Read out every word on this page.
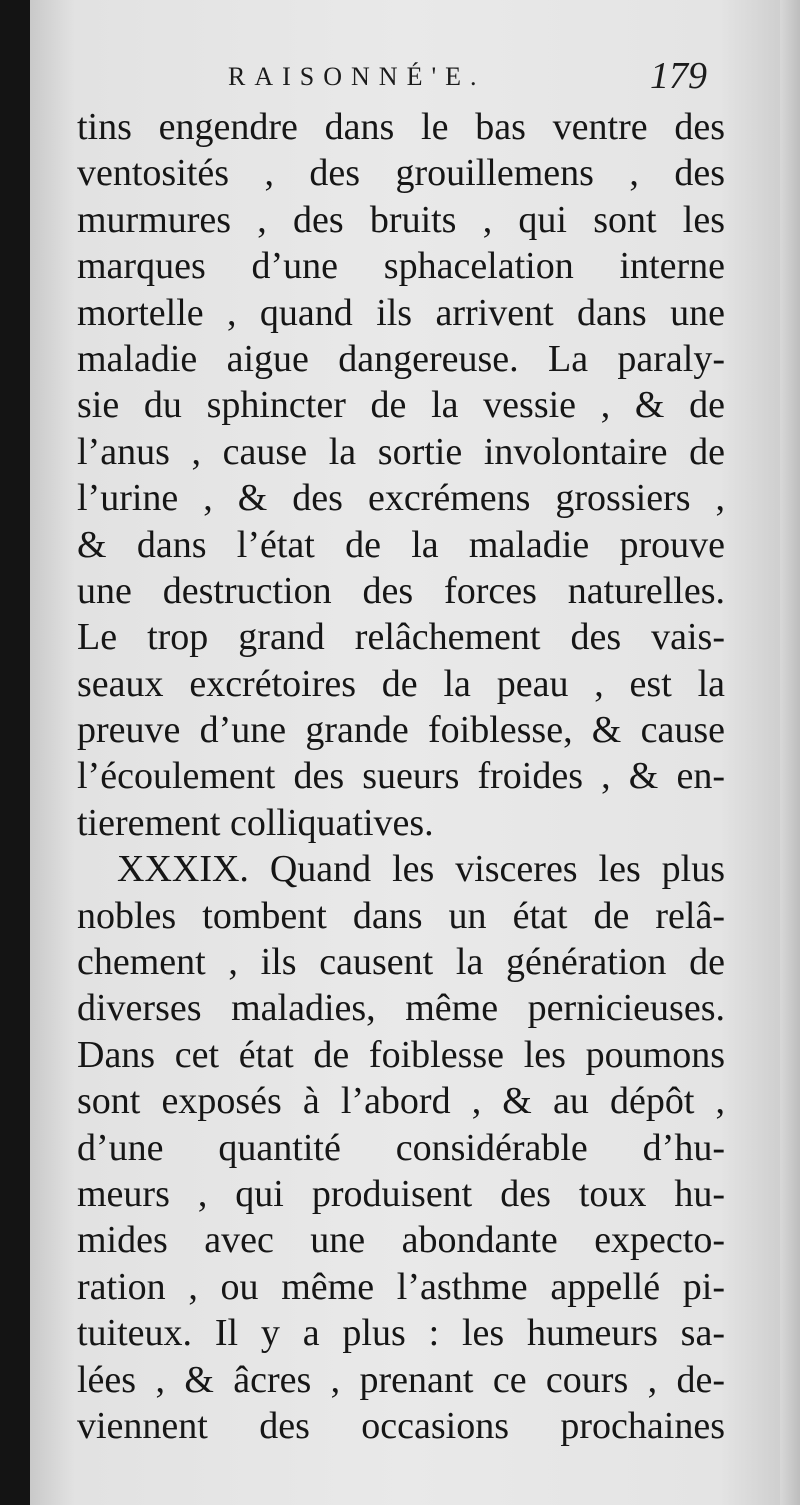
RAISONNÉ'E.	179
tins engendre dans le bas ventre des
ventosités , des grouillemens , des
murmures , des bruits , qui sont les
marques d’une sphacelation interne
mortelle , quand ils arrivent dans une
maladie aigue dangereuse. La paraly-
sie du sphincter de la vessie , & de
l’anus , cause la sortie involontaire de
l’urine , & des excrémens grossiers ,
& dans l’état de la maladie prouve
une destruction des forces naturelles.
Le trop grand relâchement des vais-
seaux excrétoires de la peau , est la
preuve d’une grande foiblesse, & cause
l’écoulement des sueurs froides , & en-
tierement colliquatives.
XXXIX. Quand les visceres les plus
nobles tombent dans un état de relâ-
chement , ils causent la génération de
diverses maladies, même pernicieuses.
Dans cet état de foiblesse les poumons
sont exposés à l’abord , & au dépôt ,
d’une quantité considérable d’hu-
meurs , qui produisent des toux hu-
mides avec une abondante expecto-
ration , ou même l’asthme appellé pi-
tuiteux. Il y a plus : les humeurs sa-
lées , & âcres , prenant ce cours , de-
viennent des occasions prochaines
